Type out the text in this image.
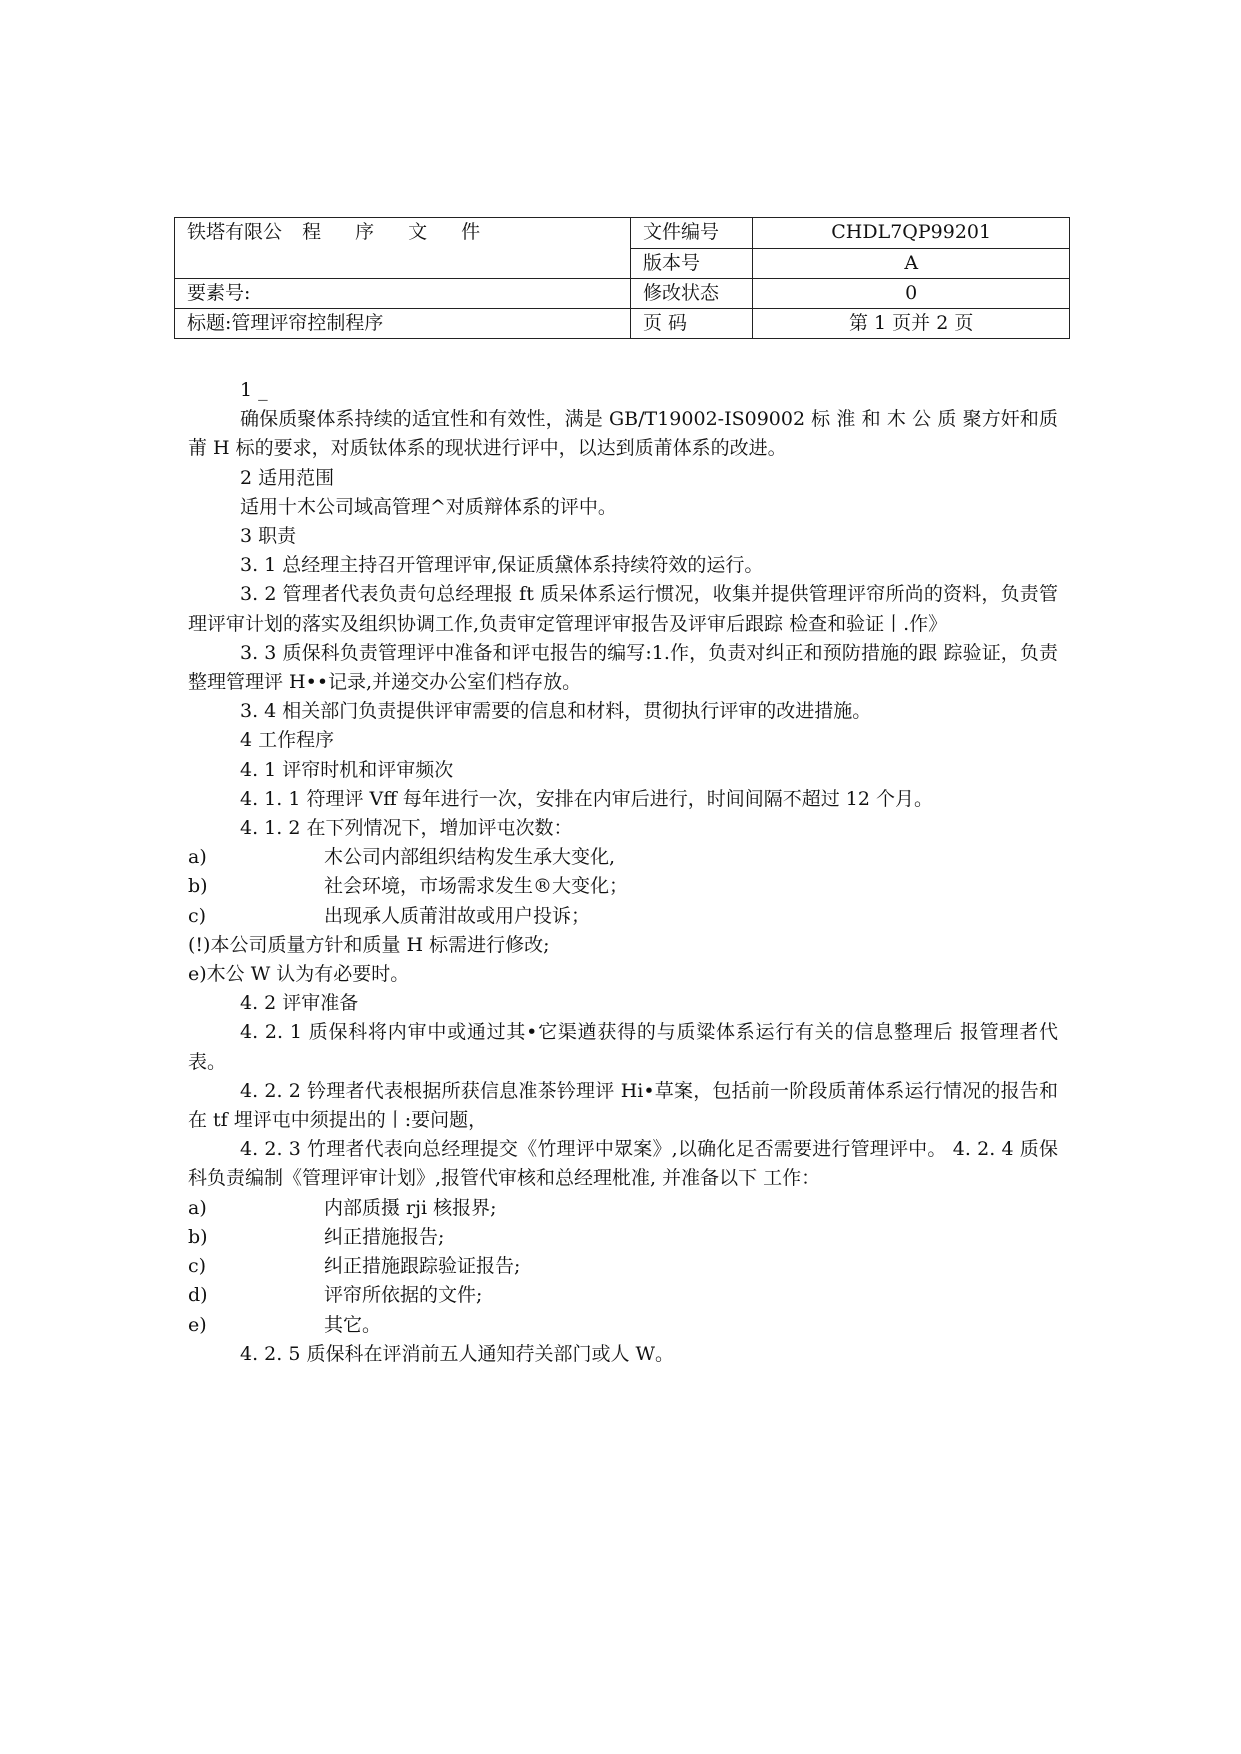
铁塔有限公 程 序 文 件	文件编号	CHDL7QP99201
	版本号	A
要素号:	修改状态	0
标题:管理评帘控制程序	页 码	第 1 页并 2 页

1 _

确保质聚体系持续的适宜性和有效性，满是 GB/T19002-IS09002 标 淮 和 木 公 质 聚方奸和质莆 H 标的要求，对质钛体系的现状进行评中，以达到质莆体系的改进。

2 适用范围

适用十木公司域高管理^对质辩体系的评中。

3 职责

3. 1 总经理主持召开管理评审,保证质黛体系持续符效的运行。

3. 2 管理者代表负责句总经理报 ft 质呆体系运行惯况，收集并提供管理评帘所尚的资料，负责管理评审计划的落实及组织协调工作,负责审定管理评审报告及评审后跟踪 检查和验证丨.作》

3. 3 质保科负责管理评中准备和评屯报告的编写:1.作，负责对纠正和预防措施的跟 踪验证，负责整理管理评 H••记录,并递交办公室们档存放。

3. 4 相关部门负责提供评审需要的信息和材料，贯彻执行评审的改进措施。

4 工作程序

4. 1 评帘时机和评审频次

4. 1. 1 符理评 Vff 每年进行一次，安排在内审后进行，时间间隔不超过 12 个月。

4. 1. 2 在下列情况下，增加评屯次数：

a)	木公司内部组织结构发生承大变化,
b)	社会环境，市场需求发生®大变化；
c)	出现承人质莆泔故或用户投诉；

(!)本公司质量方针和质量 H 标需进行修改;

e)木公 W 认为有必要时。

4. 2 评审准备

4. 2. 1 质保科将内审中或通过其•它渠遒获得的与质粱体系运行有关的信息整理后 报管理者代表。

4. 2. 2 钤理者代表根据所获信息准茶钤理评 Hi•草案，包括前一阶段质莆体系运行情况的报告和在 tf 埋评屯中须提出的丨:要问题，

4. 2. 3 竹理者代表向总经理提交《竹理评中眾案》,以确化足否需要进行管理评中。 4. 2. 4 质保科负责编制《管理评审计划》,报管代审核和总经理枇准, 并准备以下 工作：

a)	内部质摄 rji 核报界;
b)	纠正措施报告;
c)	纠正措施跟踪验证报告;
d)	评帘所依据的文件;
e)	其它。

4. 2. 5 质保科在评消前五人通知荇关部门或人 W。
